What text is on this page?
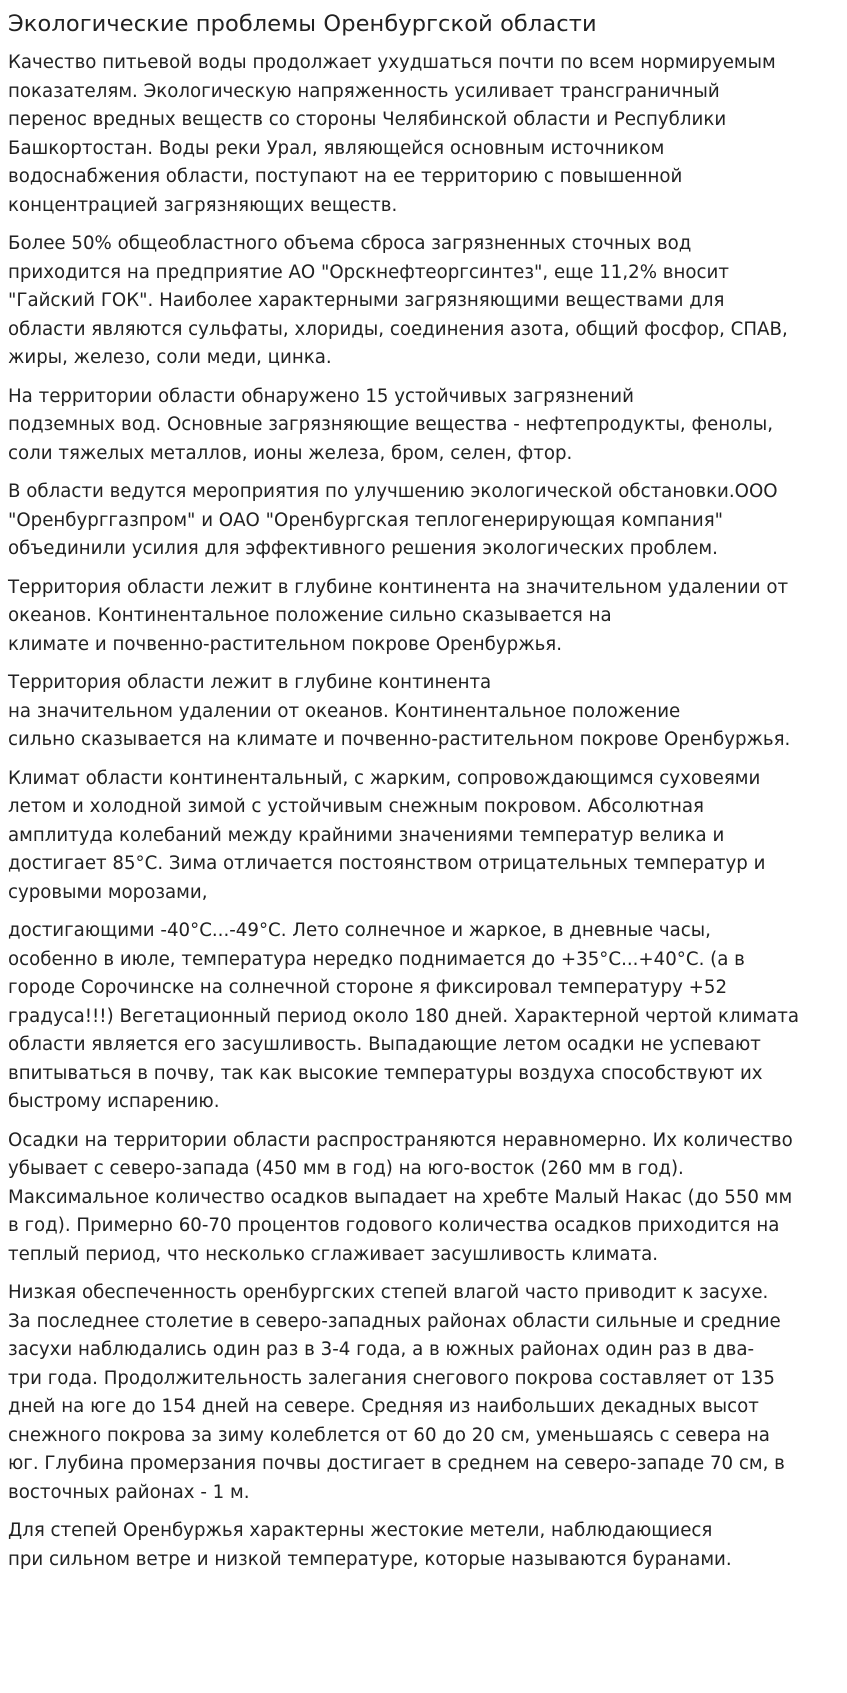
Экологические проблемы Оренбургской области

Качество питьевой воды продолжает ухудшаться почти по всем нормируемым
показателям. Экологическую напряженность усиливает трансграничный
перенос вредных веществ со стороны Челябинской области и Республики
Башкортостан. Воды реки Урал, являющейся основным источником
водоснабжения области, поступают на ее территорию с повышенной
концентрацией загрязняющих веществ.

Более 50% общеобластного объема сброса загрязненных сточных вод
приходится на предприятие АО "Орскнефтеоргсинтез", еще 11,2% вносит
"Гайский ГОК". Наиболее характерными загрязняющими веществами для
области являются сульфаты, хлориды, соединения азота, общий фосфор, СПАВ,
жиры, железо, соли меди, цинка.

На территории области обнаружено 15 устойчивых загрязнений
подземных вод. Основные загрязняющие вещества - нефтепродукты, фенолы,
соли тяжелых металлов, ионы железа, бром, селен, фтор.

В области ведутся мероприятия по улучшению экологической обстановки.ООО
"Оренбурггазпром" и ОАО "Оренбургская теплогенерирующая компания"
объединили усилия для эффективного решения экологических проблем.

Территория области лежит в глубине континента на значительном удалении от
океанов. Континентальное положение сильно сказывается на
климате и почвенно-растительном покрове Оренбуржья.

Территория области лежит в глубине континента
на значительном удалении от океанов. Континентальное положение
сильно сказывается на климате и почвенно-растительном покрове Оренбуржья.

Климат области континентальный, с жарким, сопровождающимся суховеями
летом и холодной зимой с устойчивым снежным покровом. Абсолютная
амплитуда колебаний между крайними значениями температур велика и
достигает 85°С. Зима отличается постоянством отрицательных температур и
суровыми морозами,

достигающими -40°С...-49°С. Лето солнечное и жаркое, в дневные часы,
особенно в июле, температура нередко поднимается до +35°С...+40°С. (а в
городе Сорочинске на солнечной стороне я фиксировал температуру +52
градуса!!!) Вегетационный период около 180 дней. Характерной чертой климата
области является его засушливость. Выпадающие летом осадки не успевают
впитываться в почву, так как высокие температуры воздуха способствуют их
быстрому испарению.

Осадки на территории области распространяются неравномерно. Их количество
убывает с северо-запада (450 мм в год) на юго-восток (260 мм в год).
Максимальное количество осадков выпадает на хребте Малый Накас (до 550 мм
в год). Примерно 60-70 процентов годового количества осадков приходится на
теплый период, что несколько сглаживает засушливость климата.

Низкая обеспеченность оренбургских степей влагой часто приводит к засухе.
За последнее столетие в северо-западных районах области сильные и средние
засухи наблюдались один раз в 3-4 года, а в южных районах один раз в два-
три года. Продолжительность залегания снегового покрова составляет от 135
дней на юге до 154 дней на севере. Средняя из наибольших декадных высот
снежного покрова за зиму колеблется от 60 до 20 см, уменьшаясь с севера на
юг. Глубина промерзания почвы достигает в среднем на северо-западе 70 см, в
восточных районах - 1 м.

Для степей Оренбуржья характерны жестокие метели, наблюдающиеся
при сильном ветре и низкой температуре, которые называются буранами.
